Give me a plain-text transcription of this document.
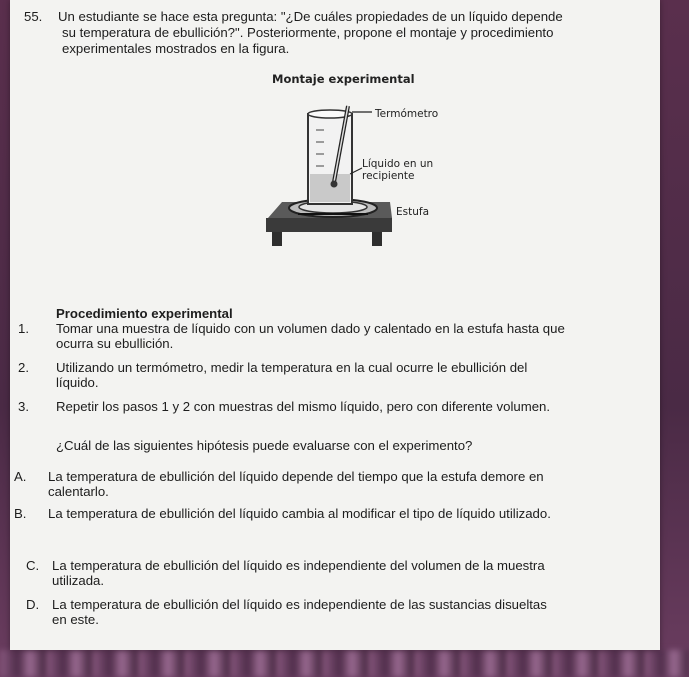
55. Un estudiante se hace esta pregunta: "¿De cuáles propiedades de un líquido depende
su temperatura de ebullición?". Posteriormente, propone el montaje y procedimiento
experimentales mostrados en la figura.
Montaje experimental
Termómetro
Líquido en un
recipiente
Estufa
Procedimiento experimental
1. Tomar una muestra de líquido con un volumen dado y calentado en la estufa hasta que
ocurra su ebullición.
2. Utilizando un termómetro, medir la temperatura en la cual ocurre le ebullición del
líquido.
3. Repetir los pasos 1 y 2 con muestras del mismo líquido, pero con diferente volumen.
¿Cuál de las siguientes hipótesis puede evaluarse con el experimento?
A. La temperatura de ebullición del líquido depende del tiempo que la estufa demore en
calentarlo.
B. La temperatura de ebullición del líquido cambia al modificar el tipo de líquido utilizado.
C. La temperatura de ebullición del líquido es independiente del volumen de la muestra
utilizada.
D. La temperatura de ebullición del líquido es independiente de las sustancias disueltas
en este.
